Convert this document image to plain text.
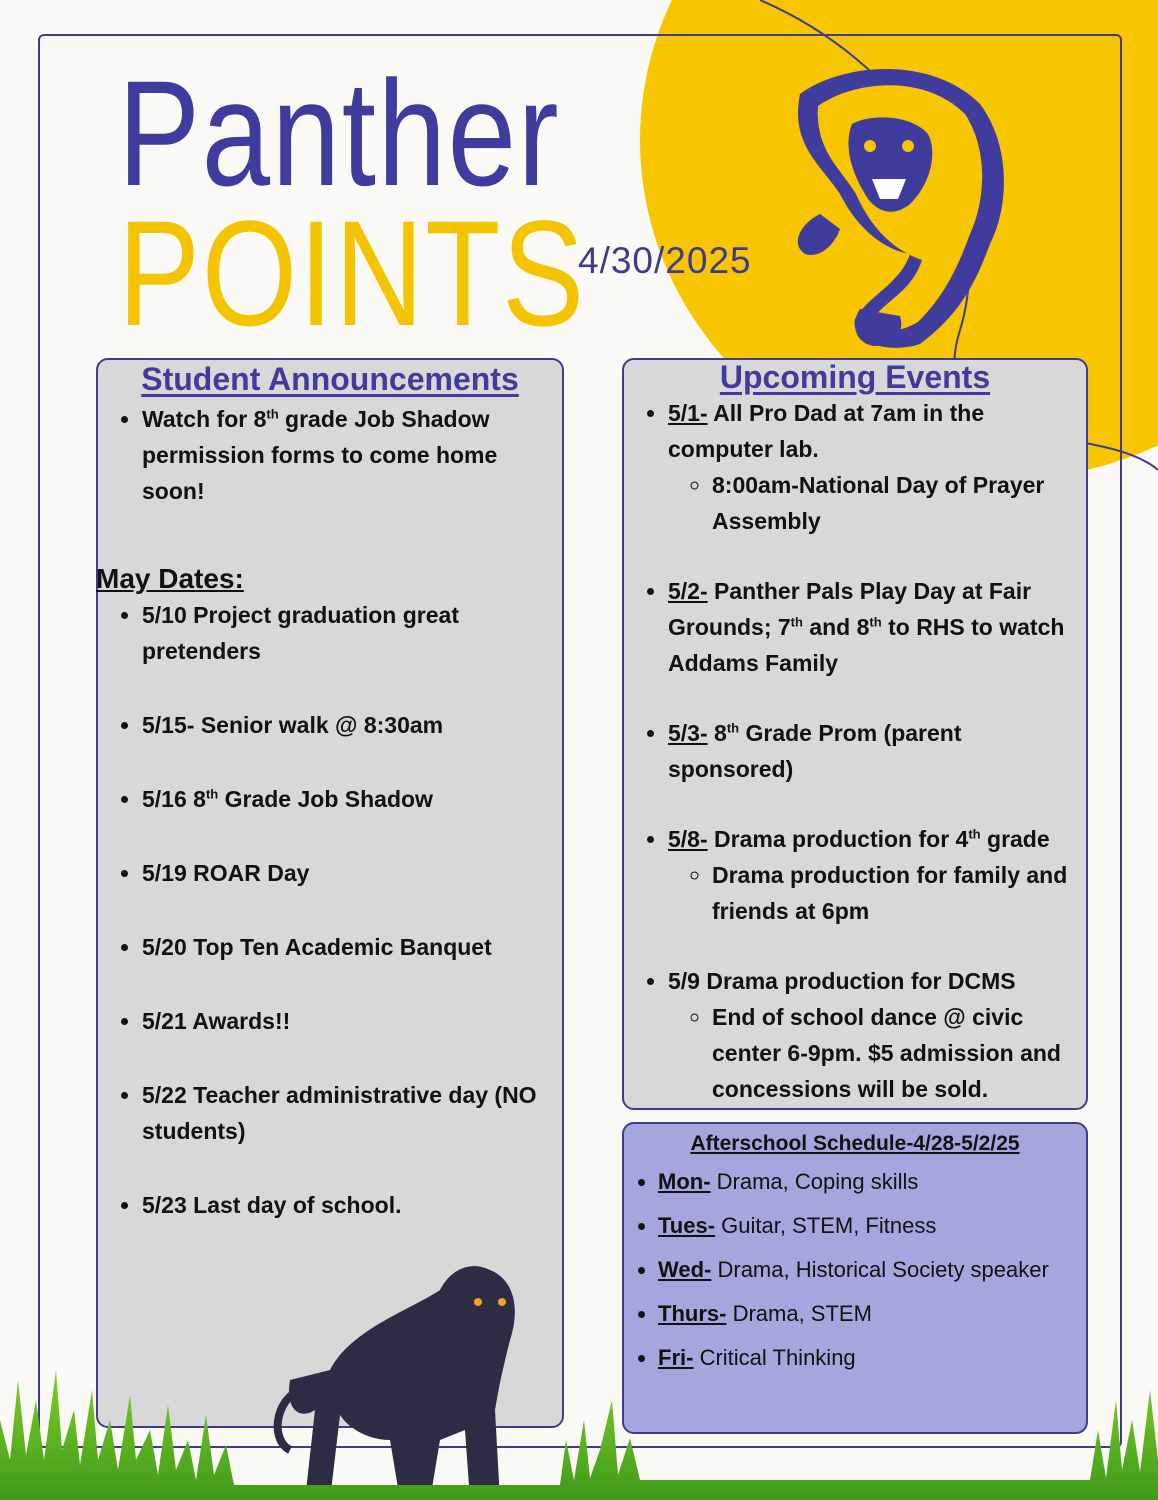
Panther
POINTS
4/30/2025
Student Announcements
• Watch for 8th grade Job Shadow permission forms to come home soon!
May Dates:
• 5/10 Project graduation great pretenders
• 5/15- Senior walk @ 8:30am
• 5/16 8th Grade Job Shadow
• 5/19 ROAR Day
• 5/20 Top Ten Academic Banquet
• 5/21 Awards!!
• 5/22 Teacher administrative day (NO students)
• 5/23 Last day of school.
Upcoming Events
• 5/1- All Pro Dad at 7am in the computer lab.
◦ 8:00am-National Day of Prayer Assembly
• 5/2- Panther Pals Play Day at Fair Grounds; 7th and 8th to RHS to watch Addams Family
• 5/3- 8th Grade Prom (parent sponsored)
• 5/8- Drama production for 4th grade
◦ Drama production for family and friends at 6pm
• 5/9 Drama production for DCMS
◦ End of school dance @ civic center 6-9pm. $5 admission and concessions will be sold.
Afterschool Schedule-4/28-5/2/25
• Mon- Drama, Coping skills
• Tues- Guitar, STEM, Fitness
• Wed- Drama, Historical Society speaker
• Thurs- Drama, STEM
• Fri- Critical Thinking
